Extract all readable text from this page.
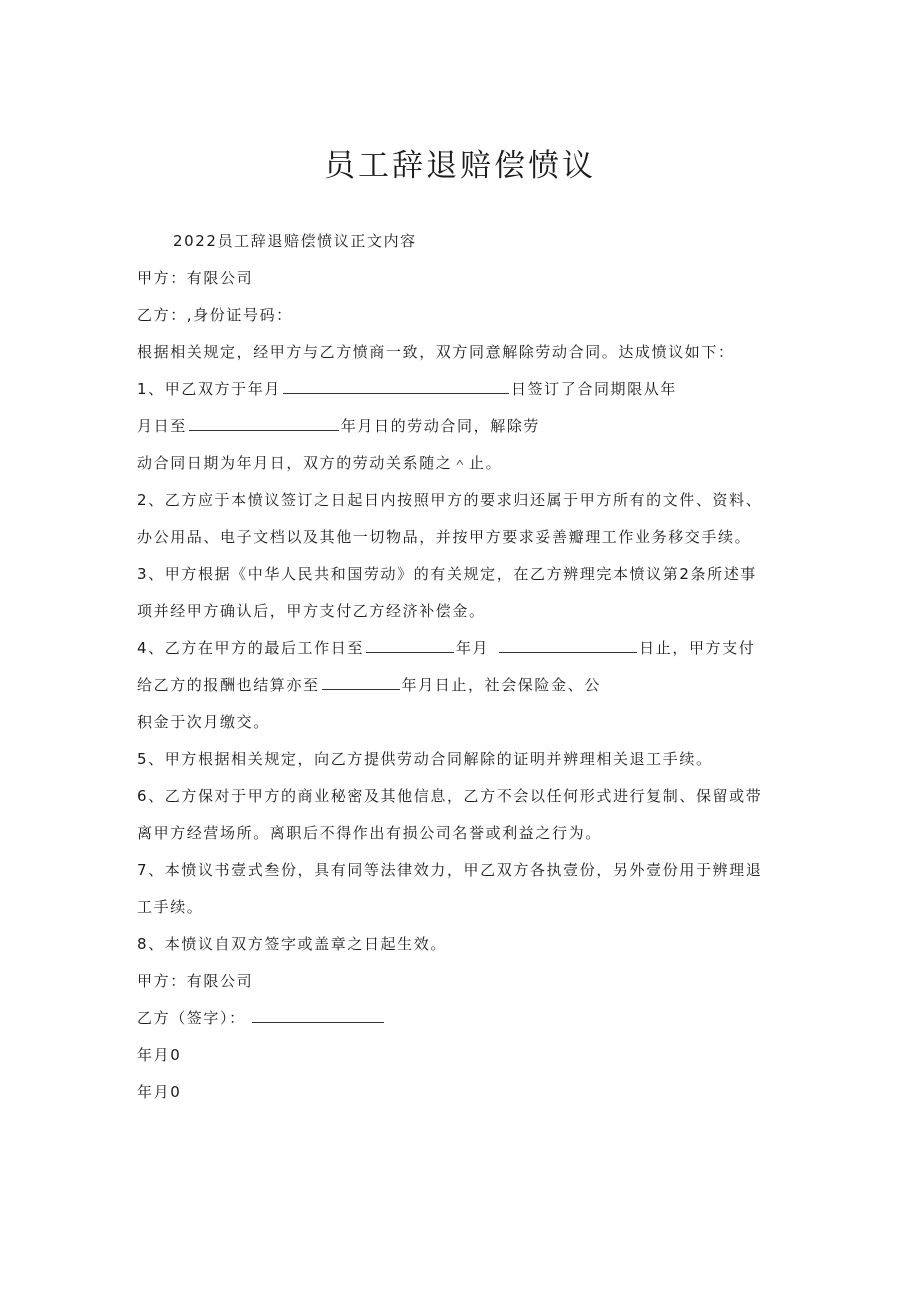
员工辞退赔偿愤议
2022员工辞退赔偿愤议正文内容
甲方：有限公司
乙方：,身份证号码：
根据相关规定，经甲方与乙方愤商一致，双方同意解除劳动合同。达成愤议如下：
1、甲乙双方于年月	日签订了合同期限从年
月日至	年月日的劳动合同，解除劳
动合同日期为年月日，双方的劳动关系随之＾止。
2、乙方应于本愤议签订之日起日内按照甲方的要求归还属于甲方所有的文件、资料、
办公用品、电子文档以及其他一切物品，并按甲方要求妥善瓣理工作业务移交手续。
3、甲方根据《中华人民共和国劳动》的有关规定，在乙方辨理完本愤议第2条所述事
项并经甲方确认后，甲方支付乙方经济补偿金。
4、乙方在甲方的最后工作日至	年月	日止，甲方支付
给乙方的报酬也结算亦至	年月日止，社会保险金、公
积金于次月缴交。
5、甲方根据相关规定，向乙方提供劳动合同解除的证明并辨理相关退工手续。
6、乙方保对于甲方的商业秘密及其他信息，乙方不会以任何形式进行复制、保留或带
离甲方经营场所。离职后不得作出有损公司名誉或利益之行为。
7、本愤议书壹式叁份，具有同等法律效力，甲乙双方各执壹份，另外壹份用于辨理退
工手续。
8、本愤议自双方签字或盖章之日起生效。
甲方：有限公司
乙方（签字）：
年月0
年月0
